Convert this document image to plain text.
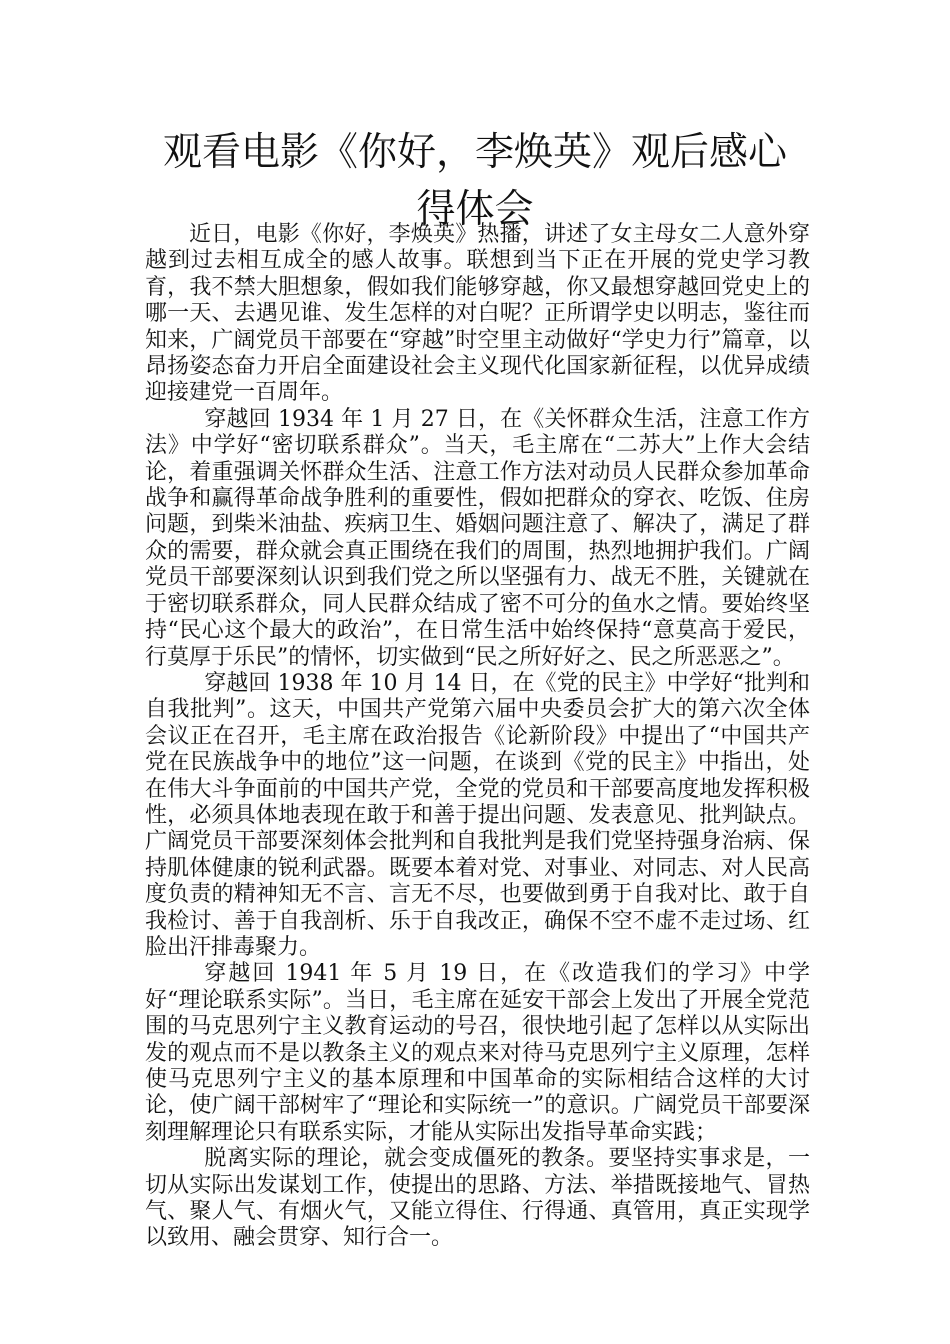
观看电影《你好，李焕英》观后感心得体会

近日，电影《你好，李焕英》热播，讲述了女主母女二人意外穿越到过去相互成全的感人故事。联想到当下正在开展的党史学习教育，我不禁大胆想象，假如我们能够穿越，你又最想穿越回党史上的哪一天、去遇见谁、发生怎样的对白呢？正所谓学史以明志，鉴往而知来，广阔党员干部要在“穿越”时空里主动做好“学史力行”篇章，以昂扬姿态奋力开启全面建设社会主义现代化国家新征程，以优异成绩迎接建党一百周年。

穿越回 1934 年 1 月 27 日，在《关怀群众生活，注意工作方法》中学好“密切联系群众”。当天，毛主席在“二苏大”上作大会结论，着重强调关怀群众生活、注意工作方法对动员人民群众参加革命战争和赢得革命战争胜利的重要性，假如把群众的穿衣、吃饭、住房问题，到柴米油盐、疾病卫生、婚姻问题注意了、解决了，满足了群众的需要，群众就会真正围绕在我们的周围，热烈地拥护我们。广阔党员干部要深刻认识到我们党之所以坚强有力、战无不胜，关键就在于密切联系群众，同人民群众结成了密不可分的鱼水之情。要始终坚持“民心这个最大的政治”，在日常生活中始终保持“意莫高于爱民，行莫厚于乐民”的情怀，切实做到“民之所好好之、民之所恶恶之”。

穿越回 1938 年 10 月 14 日，在《党的民主》中学好“批判和自我批判”。这天，中国共产党第六届中央委员会扩大的第六次全体会议正在召开，毛主席在政治报告《论新阶段》中提出了“中国共产党在民族战争中的地位”这一问题，在谈到《党的民主》中指出，处在伟大斗争面前的中国共产党，全党的党员和干部要高度地发挥积极性，必须具体地表现在敢于和善于提出问题、发表意见、批判缺点。广阔党员干部要深刻体会批判和自我批判是我们党坚持强身治病、保持肌体健康的锐利武器。既要本着对党、对事业、对同志、对人民高度负责的精神知无不言、言无不尽，也要做到勇于自我对比、敢于自我检讨、善于自我剖析、乐于自我改正，确保不空不虚不走过场、红脸出汗排毒聚力。

穿越回 1941 年 5 月 19 日，在《改造我们的学习》中学好“理论联系实际”。当日，毛主席在延安干部会上发出了开展全党范围的马克思列宁主义教育运动的号召，很快地引起了怎样以从实际出发的观点而不是以教条主义的观点来对待马克思列宁主义原理，怎样使马克思列宁主义的基本原理和中国革命的实际相结合这样的大讨论，使广阔干部树牢了“理论和实际统一”的意识。广阔党员干部要深刻理解理论只有联系实际，才能从实际出发指导革命实践；

脱离实际的理论，就会变成僵死的教条。要坚持实事求是，一切从实际出发谋划工作，使提出的思路、方法、举措既接地气、冒热气、聚人气、有烟火气，又能立得住、行得通、真管用，真正实现学以致用、融会贯穿、知行合一。
